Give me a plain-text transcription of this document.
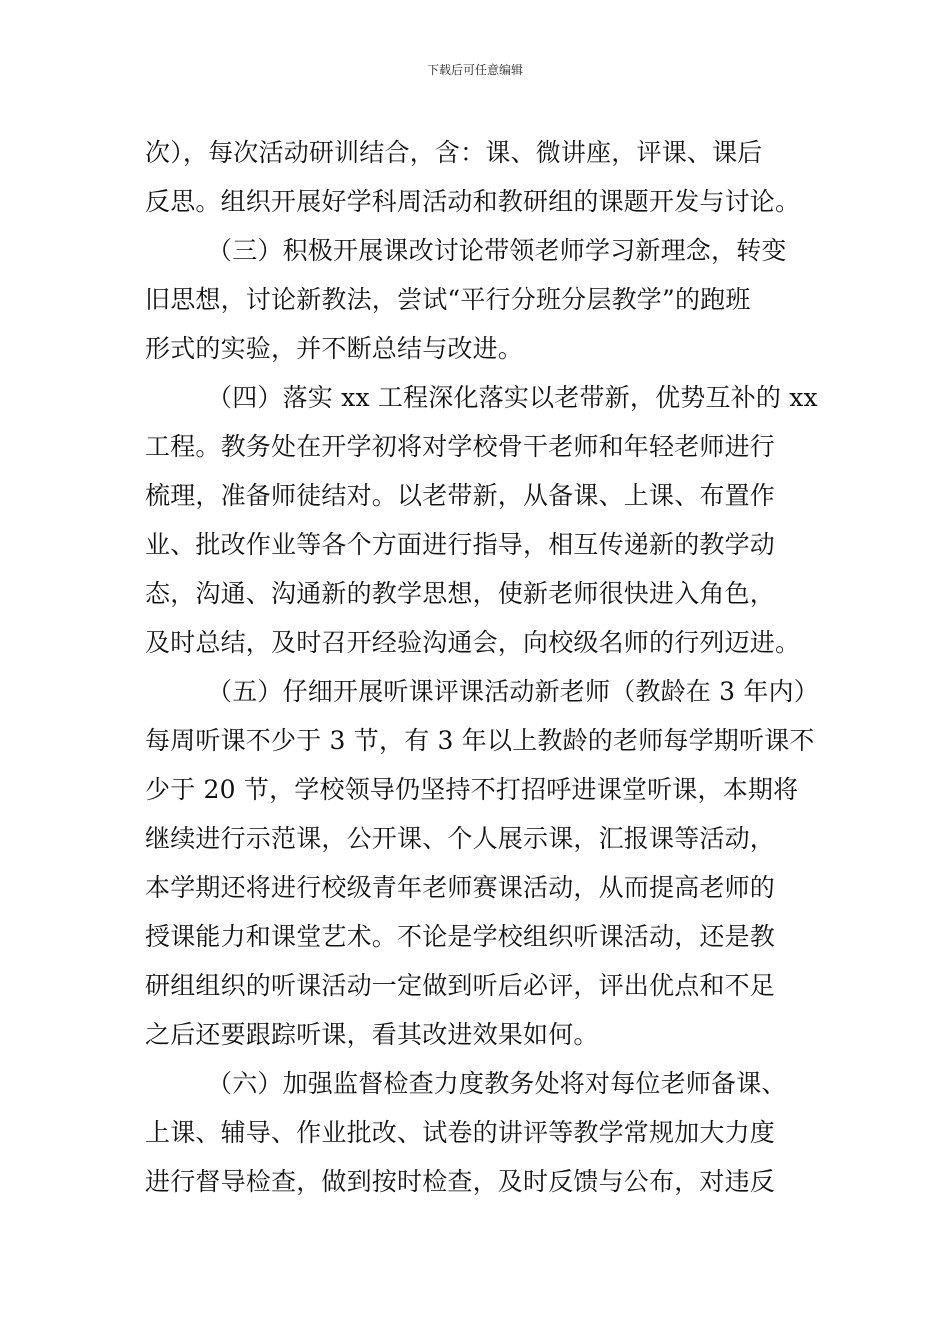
下载后可任意编辑
次），每次活动研训结合，含：课、微讲座，评课、课后
反思。组织开展好学科周活动和教研组的课题开发与讨论。
（三）积极开展课改讨论带领老师学习新理念，转变
旧思想，讨论新教法，尝试“平行分班分层教学”的跑班
形式的实验，并不断总结与改进。
（四）落实 xx 工程深化落实以老带新，优势互补的 xx
工程。教务处在开学初将对学校骨干老师和年轻老师进行
梳理，准备师徒结对。以老带新，从备课、上课、布置作
业、批改作业等各个方面进行指导，相互传递新的教学动
态，沟通、沟通新的教学思想，使新老师很快进入角色，
及时总结，及时召开经验沟通会，向校级名师的行列迈进。
（五）仔细开展听课评课活动新老师（教龄在 3 年内）
每周听课不少于 3 节，有 3 年以上教龄的老师每学期听课不
少于 20 节，学校领导仍坚持不打招呼进课堂听课，本期将
继续进行示范课，公开课、个人展示课，汇报课等活动，
本学期还将进行校级青年老师赛课活动，从而提高老师的
授课能力和课堂艺术。不论是学校组织听课活动，还是教
研组组织的听课活动一定做到听后必评，评出优点和不足
之后还要跟踪听课，看其改进效果如何。
（六）加强监督检查力度教务处将对每位老师备课、
上课、辅导、作业批改、试卷的讲评等教学常规加大力度
进行督导检查，做到按时检查，及时反馈与公布，对违反
